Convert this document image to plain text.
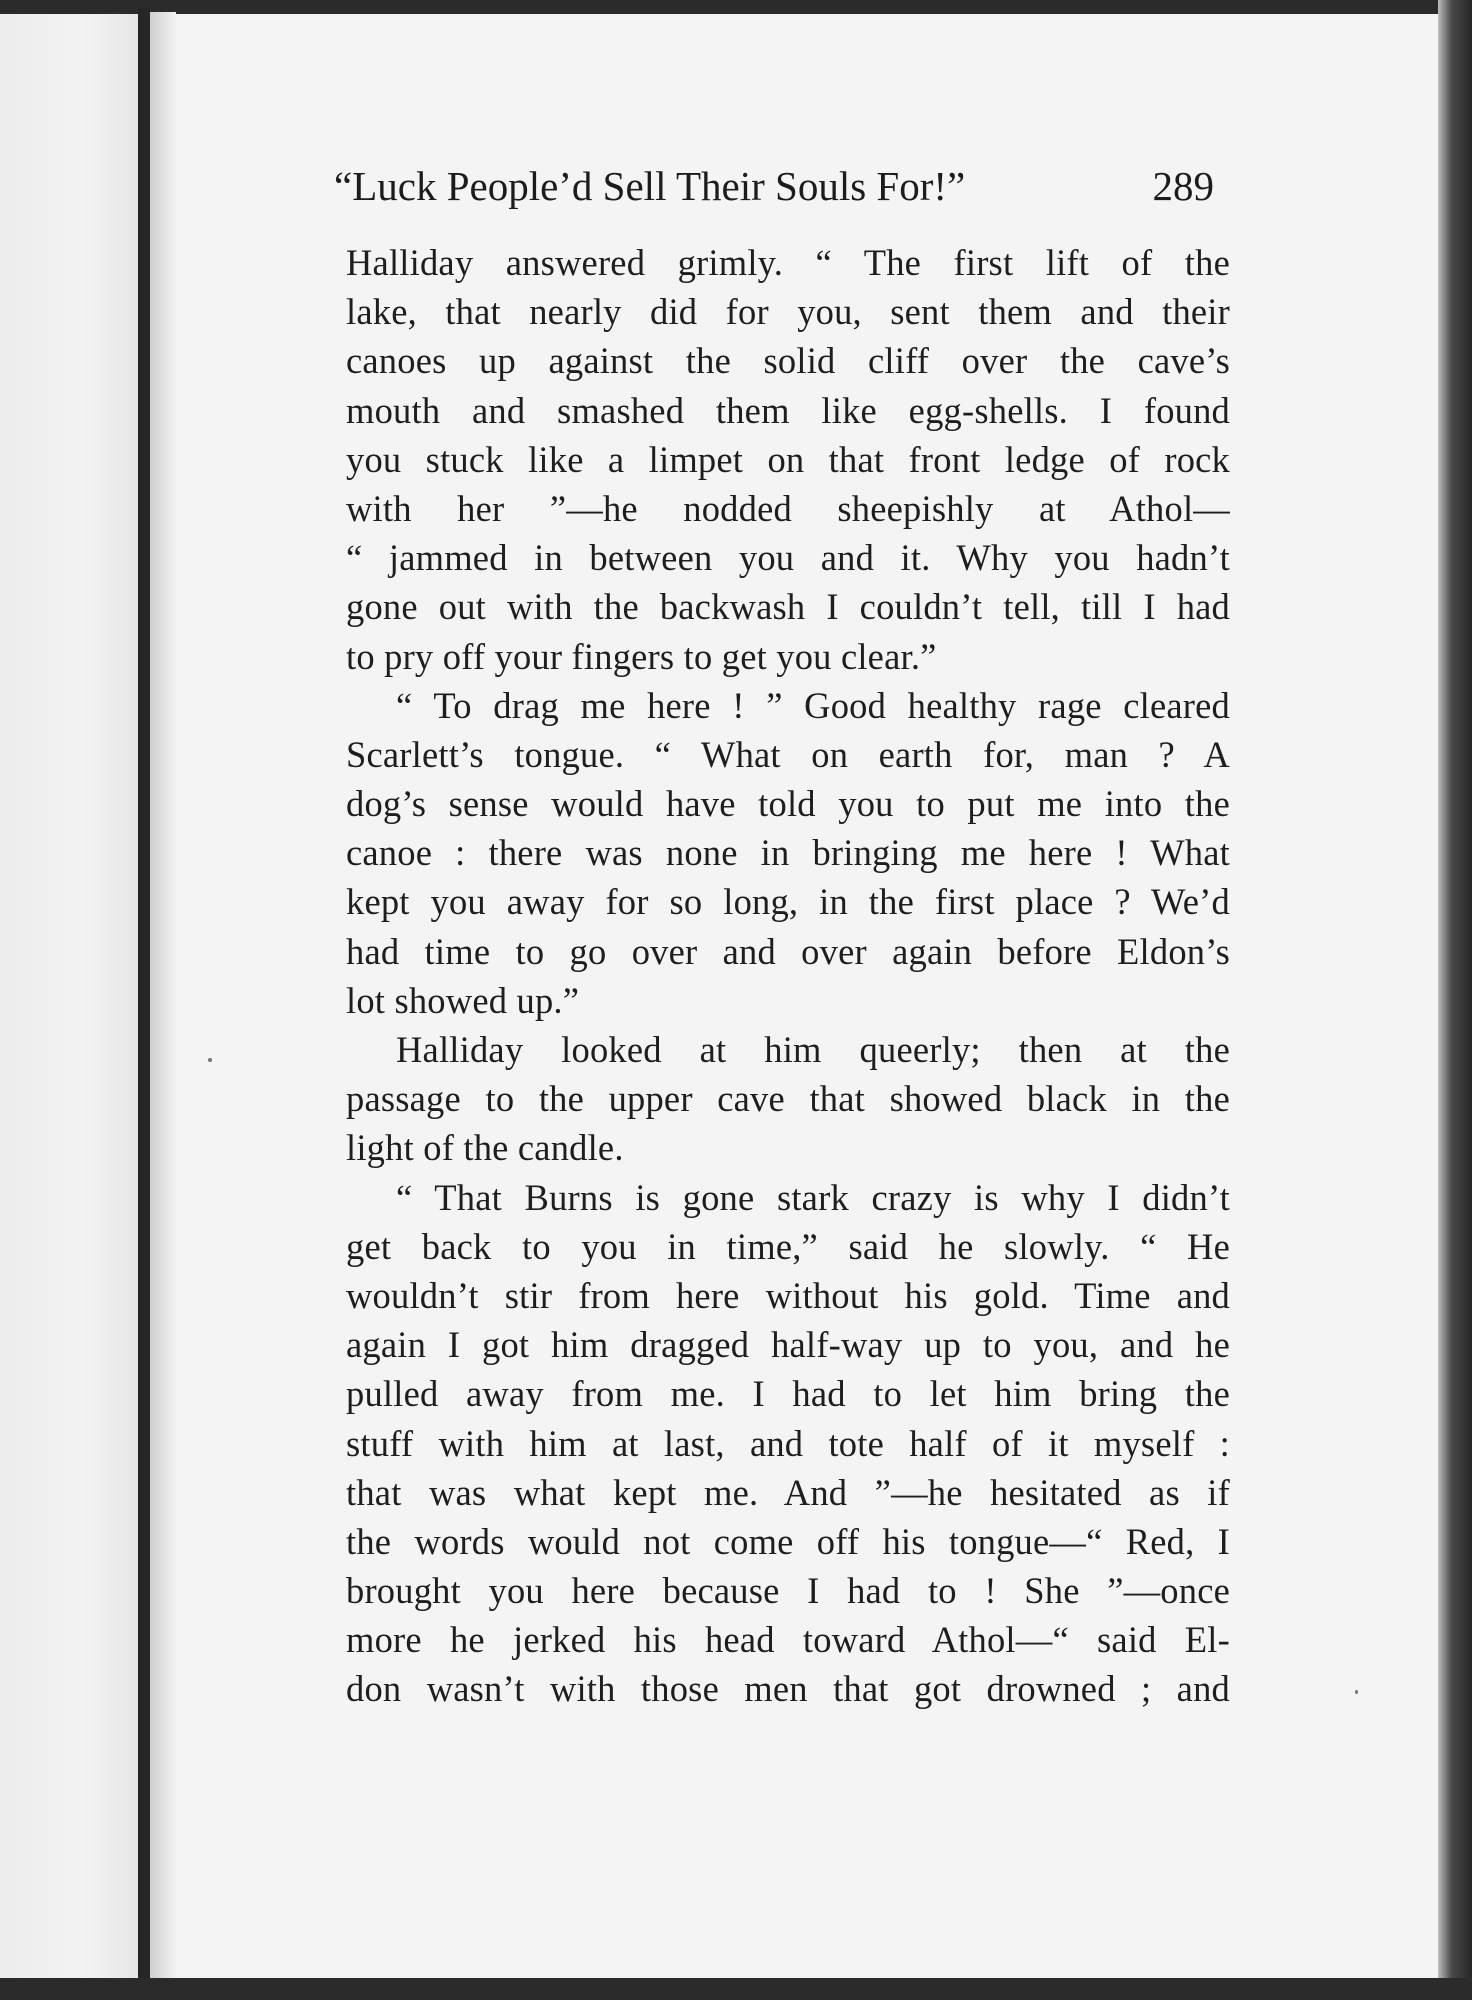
“Luck People’d Sell Their Souls For!”	289
Halliday answered grimly. “ The first lift of the
lake, that nearly did for you, sent them and their
canoes up against the solid cliff over the cave’s
mouth and smashed them like egg-shells. I found
you stuck like a limpet on that front ledge of rock
with her ”—he nodded sheepishly at Athol—
“ jammed in between you and it. Why you hadn’t
gone out with the backwash I couldn’t tell, till I had
to pry off your fingers to get you clear.”
“ To drag me here ! ” Good healthy rage cleared
Scarlett’s tongue. “ What on earth for, man ? A
dog’s sense would have told you to put me into the
canoe : there was none in bringing me here ! What
kept you away for so long, in the first place ? We’d
had time to go over and over again before Eldon’s
lot showed up.”
Halliday looked at him queerly; then at the
passage to the upper cave that showed black in the
light of the candle.
“ That Burns is gone stark crazy is why I didn’t
get back to you in time,” said he slowly. “ He
wouldn’t stir from here without his gold. Time and
again I got him dragged half-way up to you, and he
pulled away from me. I had to let him bring the
stuff with him at last, and tote half of it myself :
that was what kept me. And ”—he hesitated as if
the words would not come off his tongue—“ Red, I
brought you here because I had to ! She ”—once
more he jerked his head toward Athol—“ said El-
don wasn’t with those men that got drowned ; and
